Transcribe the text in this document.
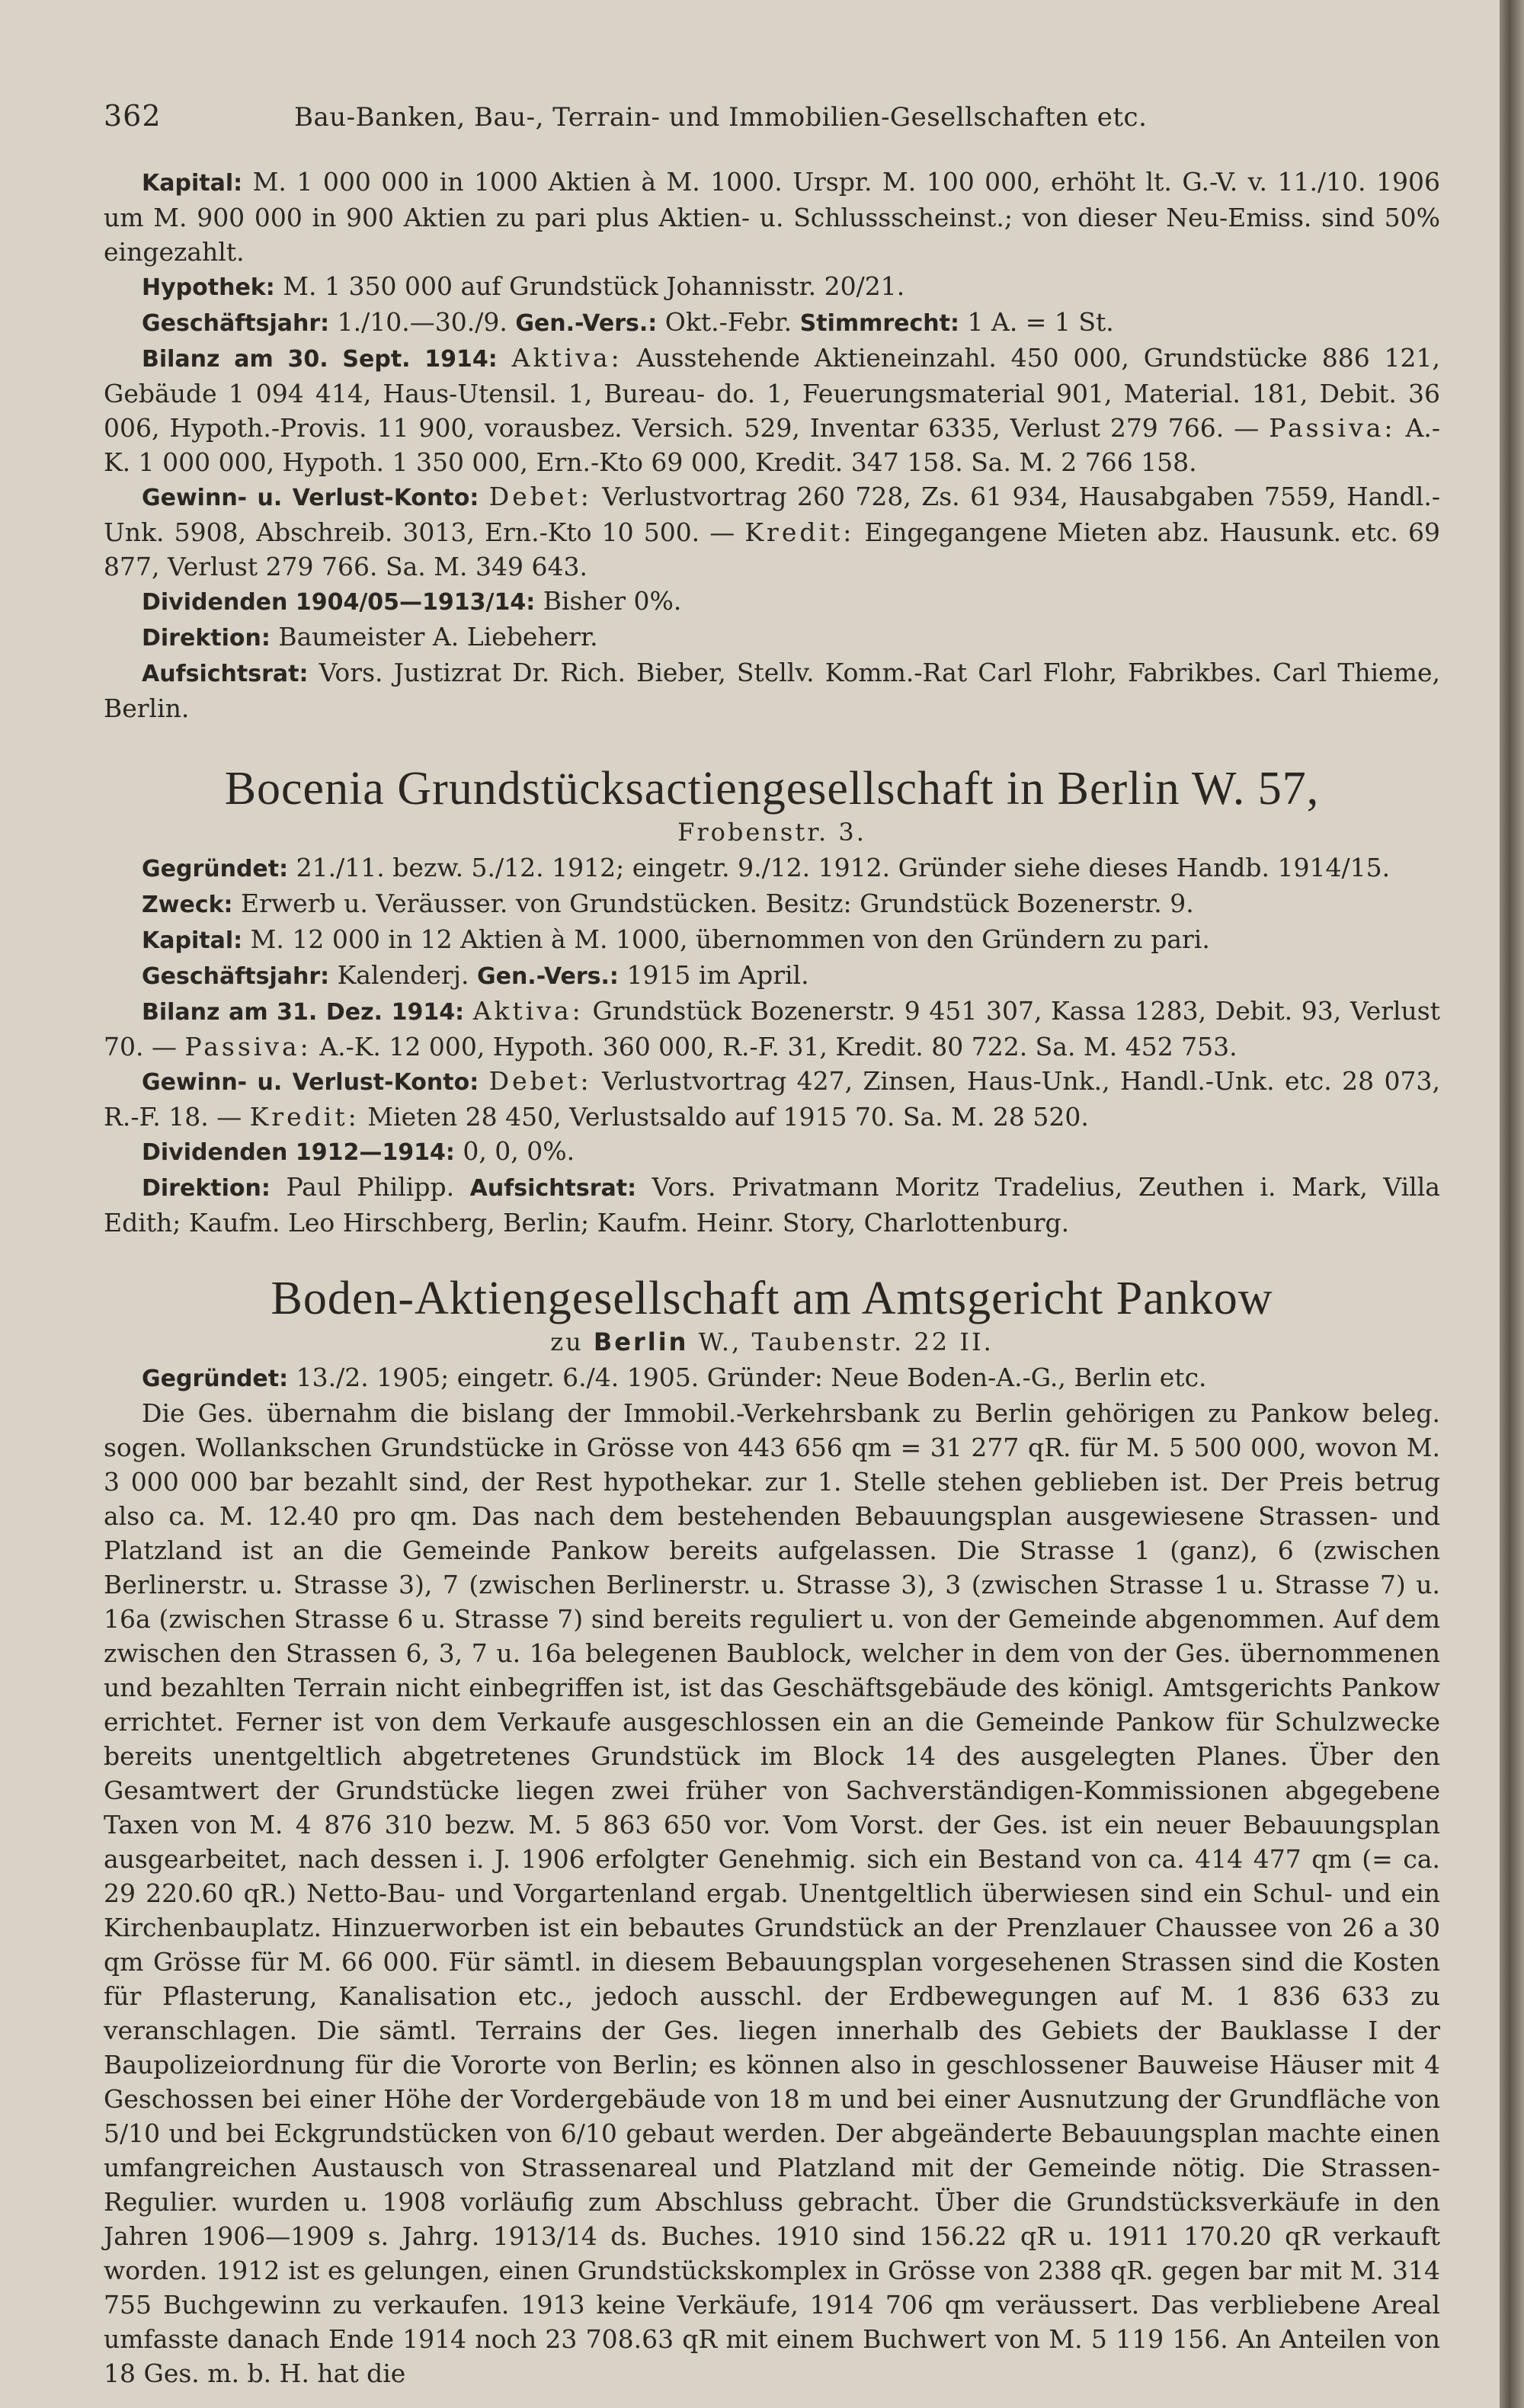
362	Bau-Banken, Bau-, Terrain- und Immobilien-Gesellschaften etc.

Kapital: M. 1 000 000 in 1000 Aktien à M. 1000. Urspr. M. 100 000, erhöht lt. G.-V. v. 11./10. 1906 um M. 900 000 in 900 Aktien zu pari plus Aktien- u. Schlussscheinst.; von dieser Neu-Emiss. sind 50% eingezahlt.

Hypothek: M. 1 350 000 auf Grundstück Johannisstr. 20/21.

Geschäftsjahr: 1./10.—30./9. Gen.-Vers.: Okt.-Febr. Stimmrecht: 1 A. = 1 St.

Bilanz am 30. Sept. 1914: Aktiva: Ausstehende Aktieneinzahl. 450 000, Grundstücke 886 121, Gebäude 1 094 414, Haus-Utensil. 1, Bureau- do. 1, Feuerungsmaterial 901, Material. 181, Debit. 36 006, Hypoth.-Provis. 11 900, vorausbez. Versich. 529, Inventar 6335, Verlust 279 766. — Passiva: A.-K. 1 000 000, Hypoth. 1 350 000, Ern.-Kto 69 000, Kredit. 347 158. Sa. M. 2 766 158.

Gewinn- u. Verlust-Konto: Debet: Verlustvortrag 260 728, Zs. 61 934, Hausabgaben 7559, Handl.-Unk. 5908, Abschreib. 3013, Ern.-Kto 10 500. — Kredit: Eingegangene Mieten abz. Hausunk. etc. 69 877, Verlust 279 766. Sa. M. 349 643.

Dividenden 1904/05—1913/14: Bisher 0%.

Direktion: Baumeister A. Liebeherr.

Aufsichtsrat: Vors. Justizrat Dr. Rich. Bieber, Stellv. Komm.-Rat Carl Flohr, Fabrikbes. Carl Thieme, Berlin.

Bocenia Grundstücksactiengesellschaft in Berlin W. 57,
Frobenstr. 3.

Gegründet: 21./11. bezw. 5./12. 1912; eingetr. 9./12. 1912. Gründer siehe dieses Handb. 1914/15.

Zweck: Erwerb u. Veräusser. von Grundstücken. Besitz: Grundstück Bozenerstr. 9.

Kapital: M. 12 000 in 12 Aktien à M. 1000, übernommen von den Gründern zu pari.

Geschäftsjahr: Kalenderj. Gen.-Vers.: 1915 im April.

Bilanz am 31. Dez. 1914: Aktiva: Grundstück Bozenerstr. 9 451 307, Kassa 1283, Debit. 93, Verlust 70. — Passiva: A.-K. 12 000, Hypoth. 360 000, R.-F. 31, Kredit. 80 722. Sa. M. 452 753.

Gewinn- u. Verlust-Konto: Debet: Verlustvortrag 427, Zinsen, Haus-Unk., Handl.-Unk. etc. 28 073, R.-F. 18. — Kredit: Mieten 28 450, Verlustsaldo auf 1915 70. Sa. M. 28 520.

Dividenden 1912—1914: 0, 0, 0%.

Direktion: Paul Philipp. Aufsichtsrat: Vors. Privatmann Moritz Tradelius, Zeuthen i. Mark, Villa Edith; Kaufm. Leo Hirschberg, Berlin; Kaufm. Heinr. Story, Charlottenburg.

Boden-Aktiengesellschaft am Amtsgericht Pankow
zu Berlin W., Taubenstr. 22 II.

Gegründet: 13./2. 1905; eingetr. 6./4. 1905. Gründer: Neue Boden-A.-G., Berlin etc.

Die Ges. übernahm die bislang der Immobil.-Verkehrsbank zu Berlin gehörigen zu Pankow beleg. sogen. Wollankschen Grundstücke in Grösse von 443 656 qm = 31 277 qR. für M. 5 500 000, wovon M. 3 000 000 bar bezahlt sind, der Rest hypothekar. zur 1. Stelle stehen geblieben ist. Der Preis betrug also ca. M. 12.40 pro qm. Das nach dem bestehenden Bebauungsplan ausgewiesene Strassen- und Platzland ist an die Gemeinde Pankow bereits aufgelassen. Die Strasse 1 (ganz), 6 (zwischen Berlinerstr. u. Strasse 3), 7 (zwischen Berlinerstr. u. Strasse 3), 3 (zwischen Strasse 1 u. Strasse 7) u. 16a (zwischen Strasse 6 u. Strasse 7) sind bereits reguliert u. von der Gemeinde abgenommen. Auf dem zwischen den Strassen 6, 3, 7 u. 16a belegenen Baublock, welcher in dem von der Ges. übernommenen und bezahlten Terrain nicht einbegriffen ist, ist das Geschäftsgebäude des königl. Amtsgerichts Pankow errichtet. Ferner ist von dem Verkaufe ausgeschlossen ein an die Gemeinde Pankow für Schulzwecke bereits unentgeltlich abgetretenes Grundstück im Block 14 des ausgelegten Planes. Über den Gesamtwert der Grundstücke liegen zwei früher von Sachverständigen-Kommissionen abgegebene Taxen von M. 4 876 310 bezw. M. 5 863 650 vor. Vom Vorst. der Ges. ist ein neuer Bebauungsplan ausgearbeitet, nach dessen i. J. 1906 erfolgter Genehmig. sich ein Bestand von ca. 414 477 qm (= ca. 29 220.60 qR.) Netto-Bau- und Vorgartenland ergab. Unentgeltlich überwiesen sind ein Schul- und ein Kirchenbauplatz. Hinzuerworben ist ein bebautes Grundstück an der Prenzlauer Chaussee von 26 a 30 qm Grösse für M. 66 000. Für sämtl. in diesem Bebauungsplan vorgesehenen Strassen sind die Kosten für Pflasterung, Kanalisation etc., jedoch ausschl. der Erdbewegungen auf M. 1 836 633 zu veranschlagen. Die sämtl. Terrains der Ges. liegen innerhalb des Gebiets der Bauklasse I der Baupolizeiordnung für die Vororte von Berlin; es können also in geschlossener Bauweise Häuser mit 4 Geschossen bei einer Höhe der Vordergebäude von 18 m und bei einer Ausnutzung der Grundfläche von 5/10 und bei Eckgrundstücken von 6/10 gebaut werden. Der abgeänderte Bebauungsplan machte einen umfangreichen Austausch von Strassenareal und Platzland mit der Gemeinde nötig. Die Strassen-Regulier. wurden u. 1908 vorläufig zum Abschluss gebracht. Über die Grundstücksverkäufe in den Jahren 1906—1909 s. Jahrg. 1913/14 ds. Buches. 1910 sind 156.22 qR u. 1911 170.20 qR verkauft worden. 1912 ist es gelungen, einen Grundstückskomplex in Grösse von 2388 qR. gegen bar mit M. 314 755 Buchgewinn zu verkaufen. 1913 keine Verkäufe, 1914 706 qm veräussert. Das verbliebene Areal umfasste danach Ende 1914 noch 23 708.63 qR mit einem Buchwert von M. 5 119 156. An Anteilen von 18 Ges. m. b. H. hat die
